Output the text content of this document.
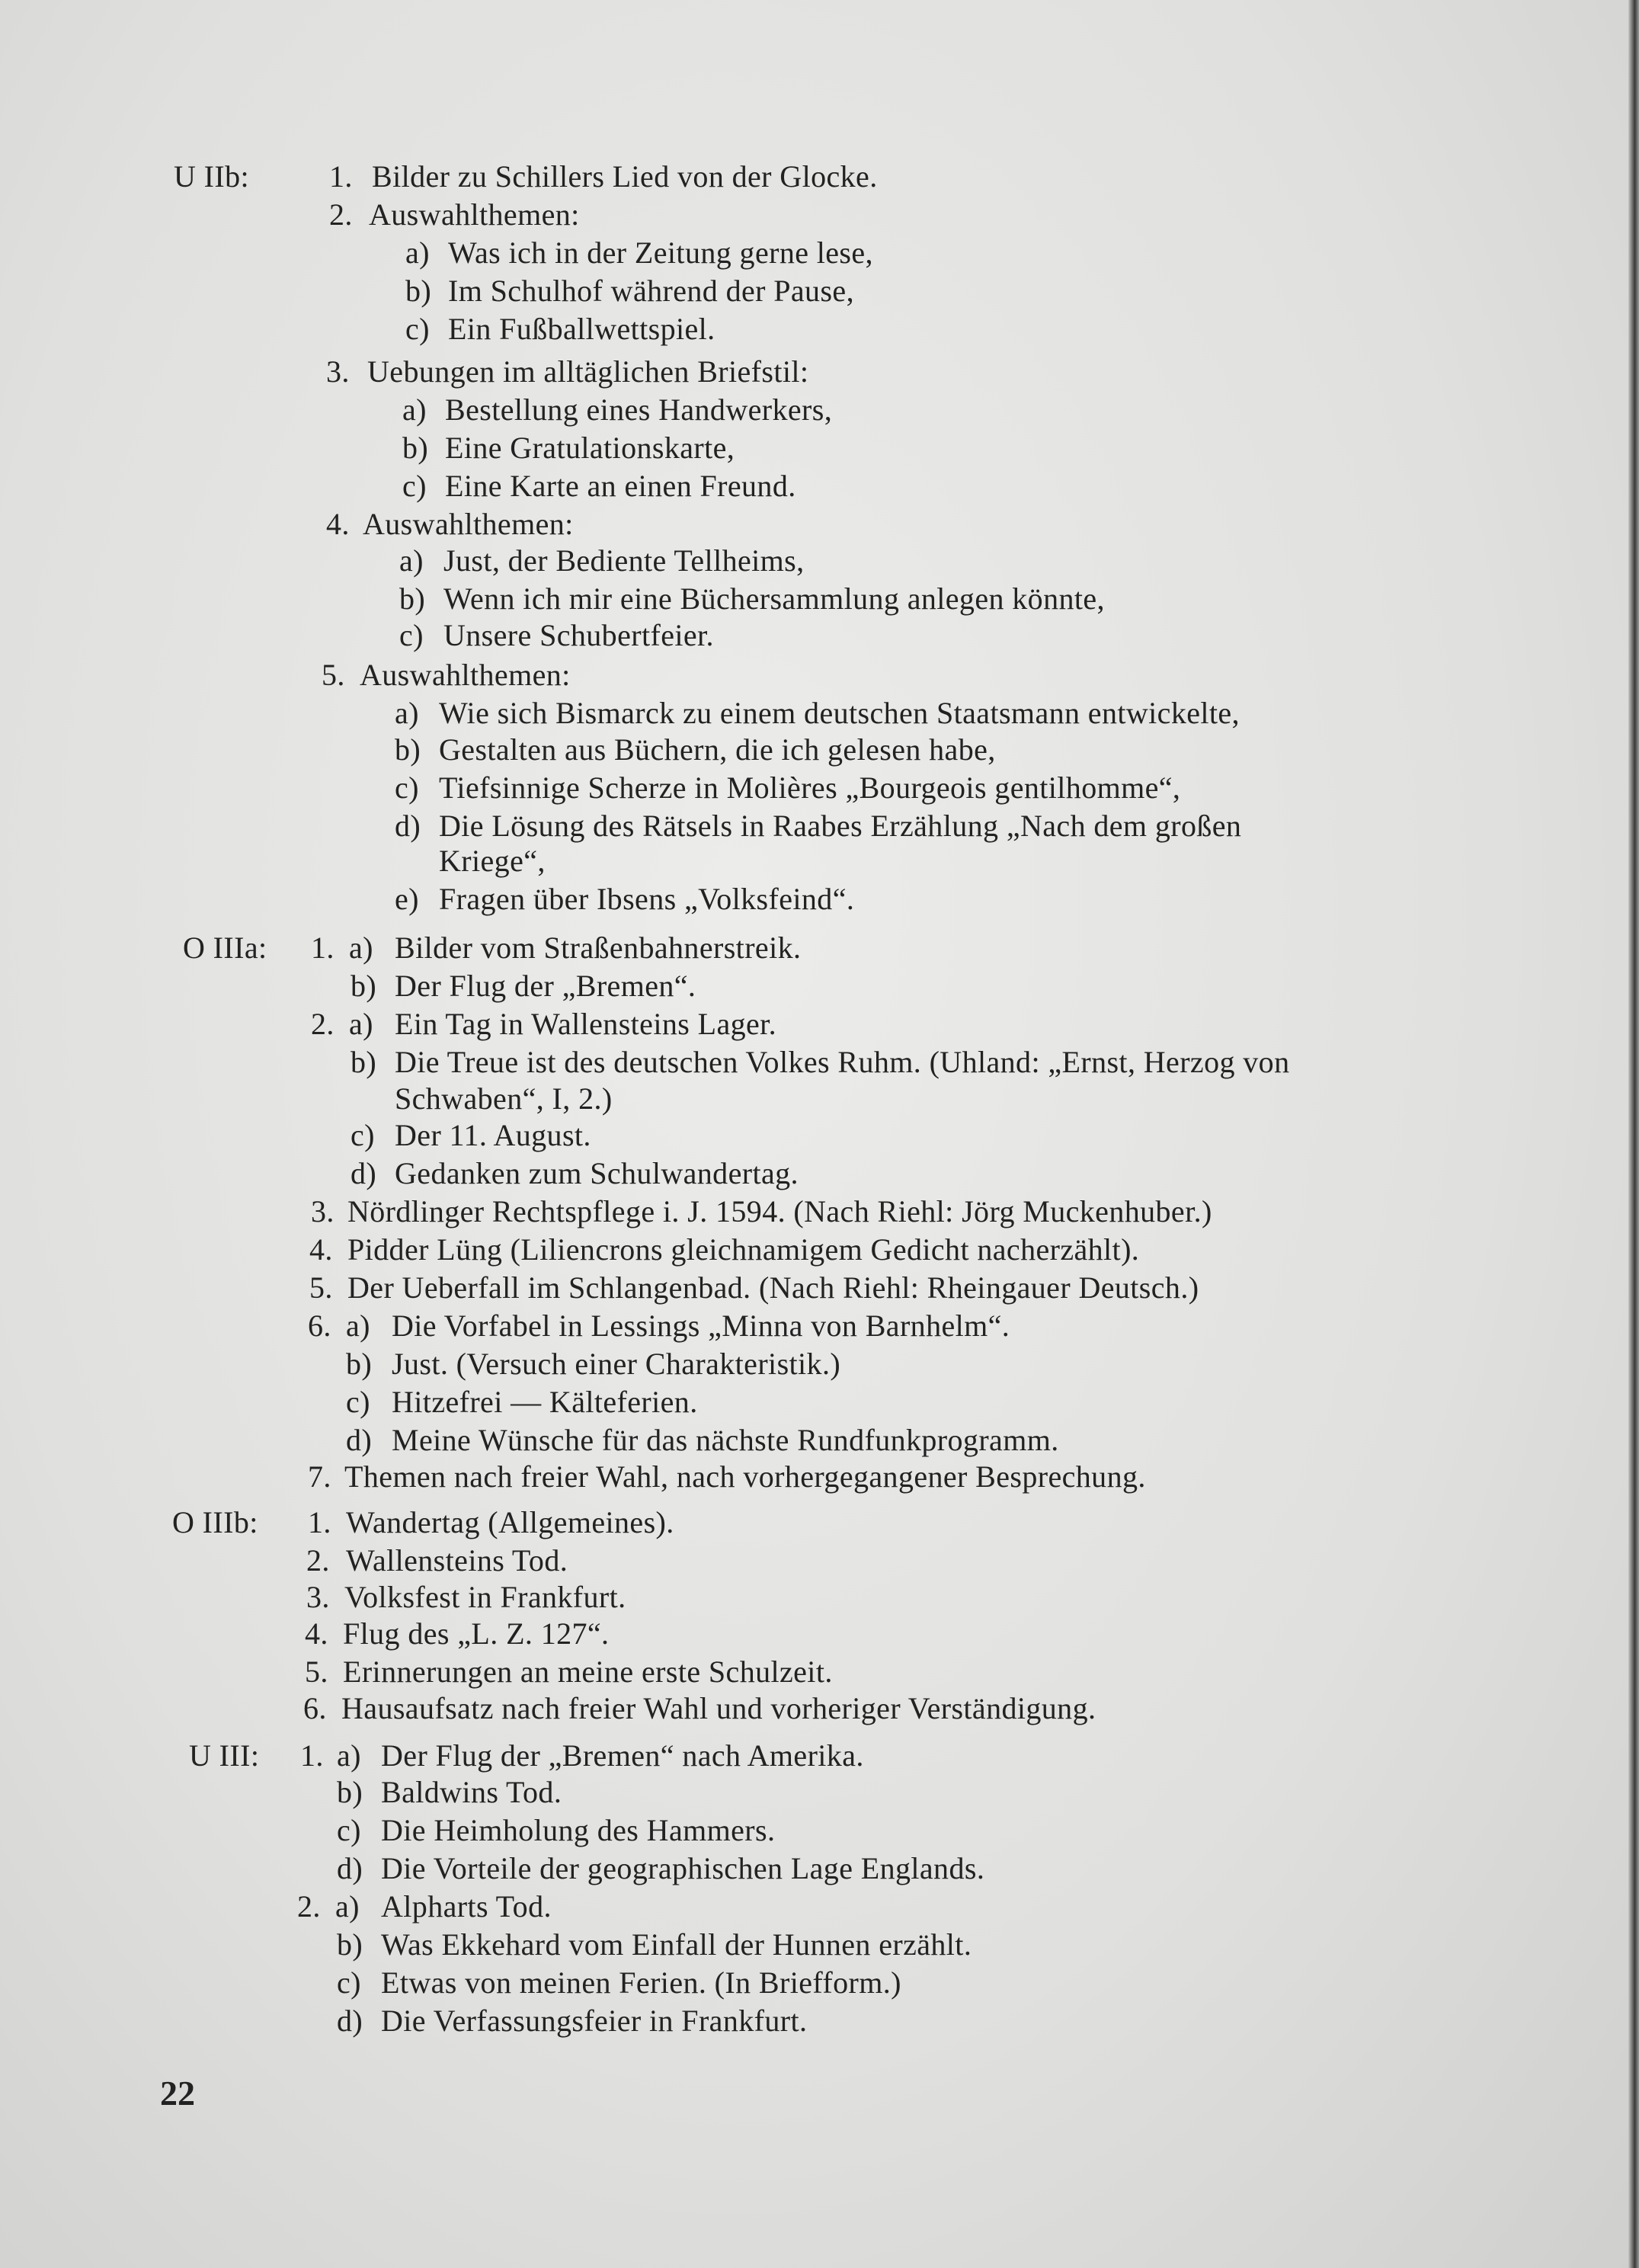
U IIb:	1. Bilder zu Schillers Lied von der Glocke.
2. Auswahlthemen:
a) Was ich in der Zeitung gerne lese,
b) Im Schulhof während der Pause,
c) Ein Fußballwettspiel.
3. Uebungen im alltäglichen Briefstil:
a) Bestellung eines Handwerkers,
b) Eine Gratulationskarte,
c) Eine Karte an einen Freund.
4. Auswahlthemen:
a) Just, der Bediente Tellheims,
b) Wenn ich mir eine Büchersammlung anlegen könnte,
c) Unsere Schubertfeier.
5. Auswahlthemen:
a) Wie sich Bismarck zu einem deutschen Staatsmann entwickelte,
b) Gestalten aus Büchern, die ich gelesen habe,
c) Tiefsinnige Scherze in Molières „Bourgeois gentilhomme“,
d) Die Lösung des Rätsels in Raabes Erzählung „Nach dem großen
Kriege“,
e) Fragen über Ibsens „Volksfeind“.
O IIIa: 1. a) Bilder vom Straßenbahnerstreik.
b) Der Flug der „Bremen“.
2. a) Ein Tag in Wallensteins Lager.
b) Die Treue ist des deutschen Volkes Ruhm. (Uhland: „Ernst, Herzog von
Schwaben“, I, 2.)
c) Der 11. August.
d) Gedanken zum Schulwandertag.
3. Nördlinger Rechtspflege i. J. 1594. (Nach Riehl: Jörg Muckenhuber.)
4. Pidder Lüng (Liliencrons gleichnamigem Gedicht nacherzählt).
5. Der Ueberfall im Schlangenbad. (Nach Riehl: Rheingauer Deutsch.)
6. a) Die Vorfabel in Lessings „Minna von Barnhelm“.
b) Just. (Versuch einer Charakteristik.)
c) Hitzefrei — Kälteferien.
d) Meine Wünsche für das nächste Rundfunkprogramm.
7. Themen nach freier Wahl, nach vorhergegangener Besprechung.
O IIIb: 1. Wandertag (Allgemeines).
2. Wallensteins Tod.
3. Volksfest in Frankfurt.
4. Flug des „L. Z. 127“.
5. Erinnerungen an meine erste Schulzeit.
6. Hausaufsatz nach freier Wahl und vorheriger Verständigung.
U III: 1. a) Der Flug der „Bremen“ nach Amerika.
b) Baldwins Tod.
c) Die Heimholung des Hammers.
d) Die Vorteile der geographischen Lage Englands.
2. a) Alpharts Tod.
b) Was Ekkehard vom Einfall der Hunnen erzählt.
c) Etwas von meinen Ferien. (In Briefform.)
d) Die Verfassungsfeier in Frankfurt.
22
